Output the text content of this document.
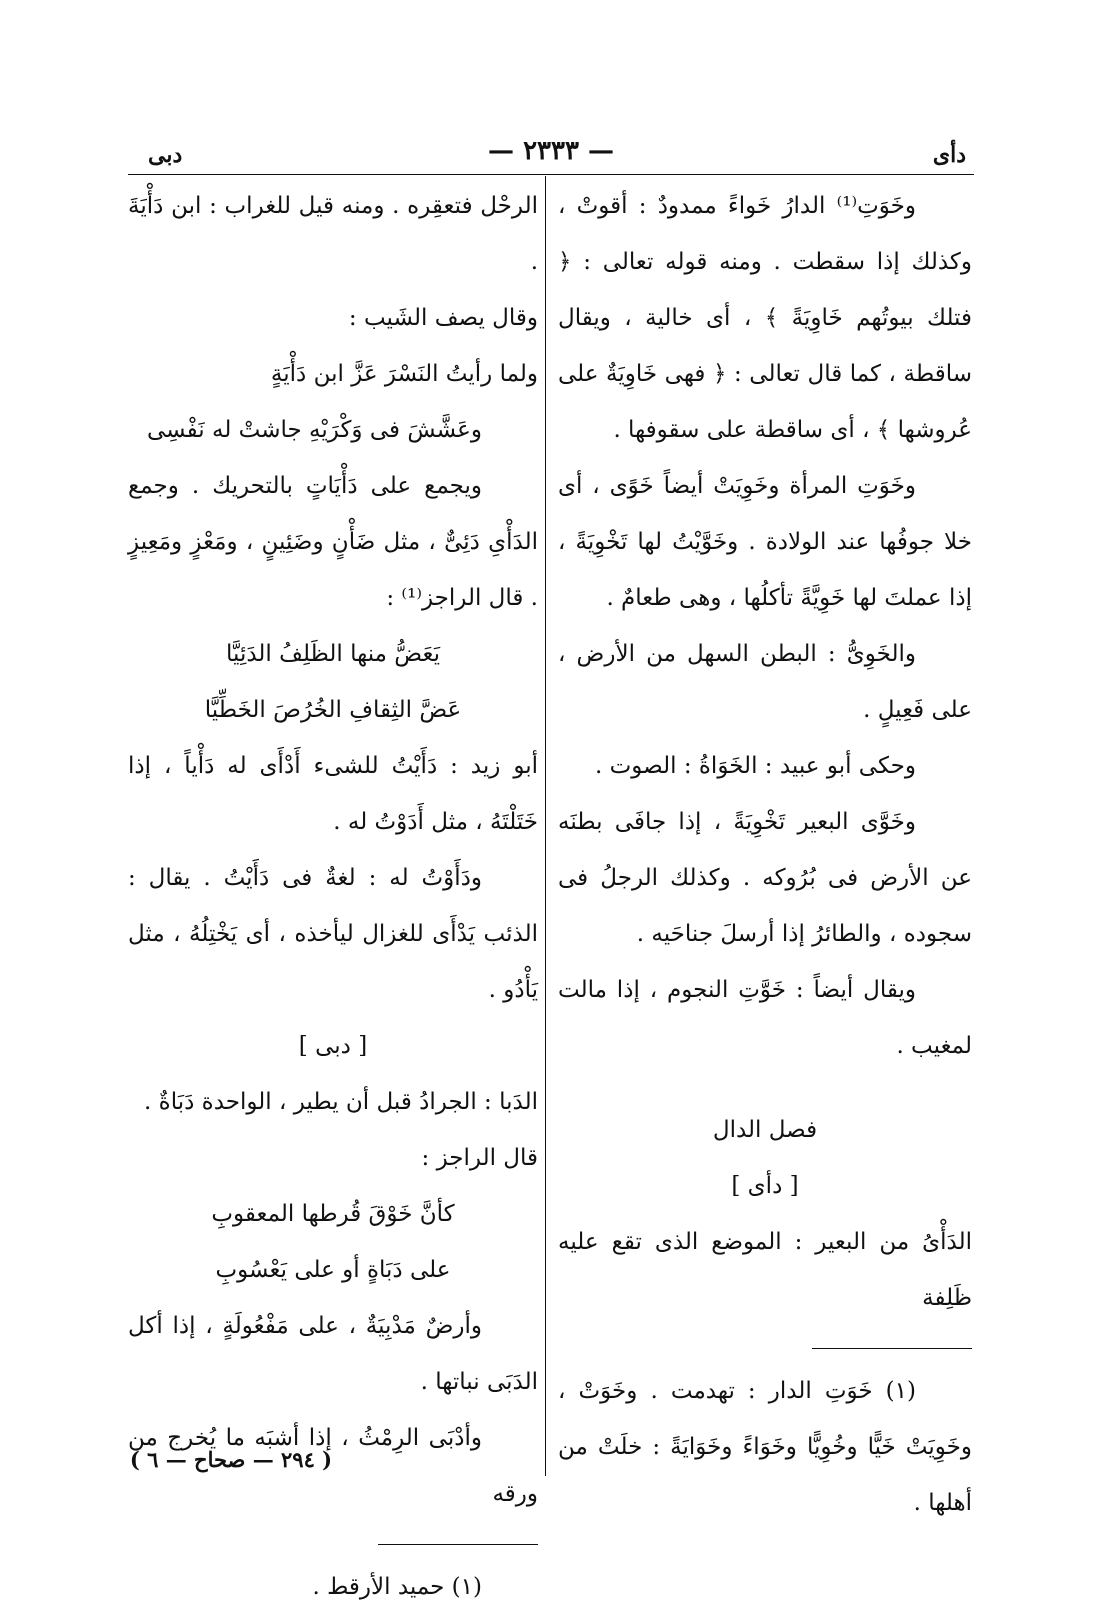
دأى
— ٢٣٣٣ —
دبى

وخَوَتِ⁽¹⁾ الدارُ خَواءً ممدودٌ : أقوتْ ، وكذلك إذا سقطت . ومنه قوله تعالى : ﴿ فتلك بيوتُهم خَاوِيَةً ﴾ ، أى خالية ، ويقال ساقطة ، كما قال تعالى : ﴿ فهى خَاوِيَةٌ على عُروشها ﴾ ، أى ساقطة على سقوفها .

وخَوَتِ المرأة وخَوِيَتْ أيضاً خَوًى ، أى خلا جوفُها عند الولادة . وخَوَّيْتُ لها تَخْوِيَةً ، إذا عملتَ لها خَوِيَّةً تأكلُها ، وهى طعامٌ .

والخَوِىُّ : البطن السهل من الأرض ، على فَعِيلٍ .

وحكى أبو عبيد : الخَوَاةُ : الصوت .

وخَوَّى البعير تَخْوِيَةً ، إذا جافَى بطنَه عن الأرض فى بُرُوكه . وكذلك الرجلُ فى سجوده ، والطائرُ إذا أرسلَ جناحَيه .

ويقال أيضاً : خَوَّتِ النجوم ، إذا مالت لمغيب .

فصل الدال

[ دأى ]

الدَأْىُ من البعير : الموضع الذى تقع عليه ظَلِفة

(١) خَوَتِ الدار : تهدمت . وخَوَتْ ، وخَوِيَتْ خَيًّا وخُوِيًّا وخَوَاءً وخَوَايَةً : خلَتْ من أهلها .

الرحْل فتعقِره . ومنه قيل للغراب : ابن دَأْيَةَ .

وقال يصف الشَيب :

ولما رأيتُ النَسْرَ عَزَّ ابن دَأْيَةٍ

وعَشَّشَ فى وَكْرَيْهِ جاشتْ له نَفْسِى

ويجمع على دَأْيَاتٍ بالتحريك . وجمع الدَأْىِ دَئِىٌّ ، مثل ضَأْنٍ وضَئِينٍ ، ومَعْزٍ ومَعِيزٍ . قال الراجز⁽¹⁾ :

يَعَضُّ منها الظَلِفُ الدَئِيَّا

عَضَّ الثِقافِ الخُرُصَ الخَطِّيَّا

أبو زيد : دَأَيْتُ للشىء أَدْأَى له دَأْياً ، إذا خَتَلْتَهُ ، مثل أَدَوْتُ له .

ودَأَوْتُ له : لغةٌ فى دَأَيْتُ . يقال : الذئب يَدْأَى للغزال ليأخذه ، أى يَخْتِلُهُ ، مثل يَأْدُو .

[ دبى ]

الدَبا : الجرادُ قبل أن يطير ، الواحدة دَبَاةٌ .

قال الراجز :

كأنَّ خَوْقَ قُرطها المعقوبِ

على دَبَاةٍ أو على يَعْسُوبِ

وأرضٌ مَدْبِيَةٌ ، على مَفْعُولَةٍ ، إذا أكل الدَبَى نباتها .

وأدْبَى الرِمْثُ ، إذا أشبَه ما يُخرج من ورقه

(١) حميد الأرقط .

( ٢٩٤ — صحاح — ٦ )
